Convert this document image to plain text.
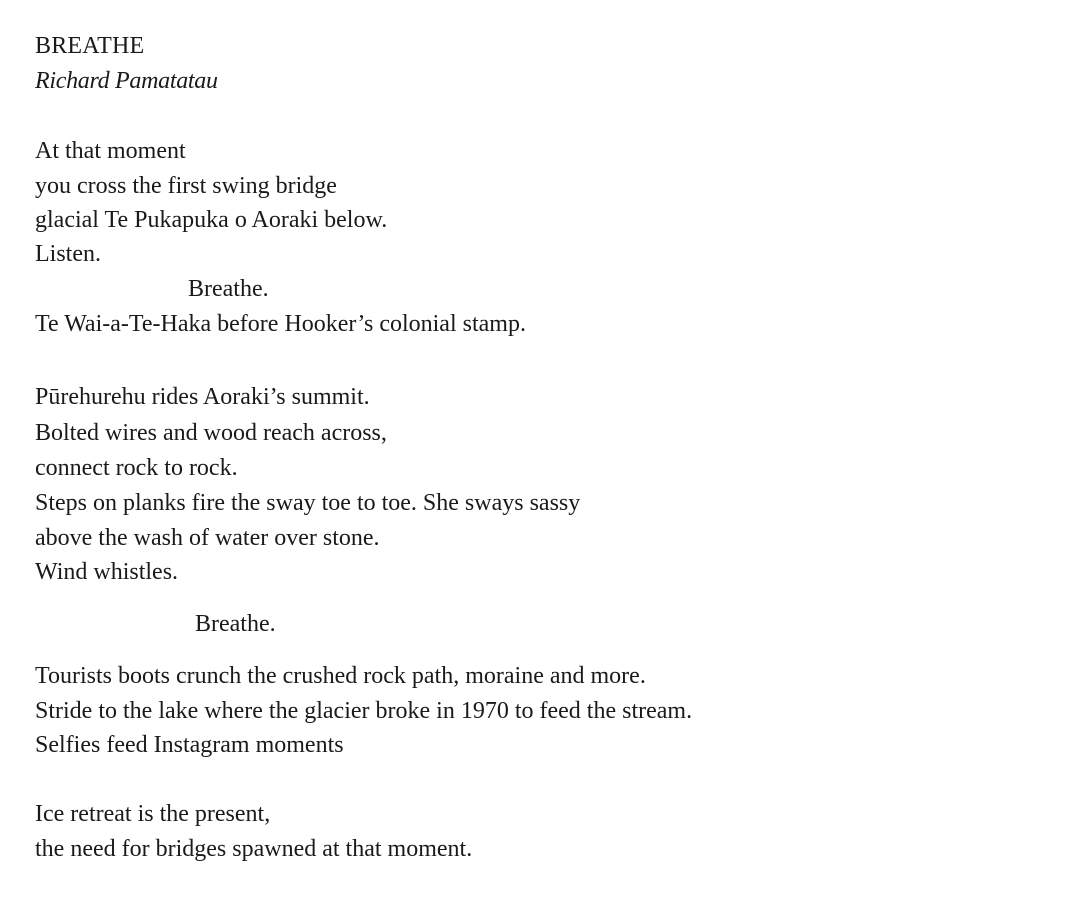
BREATHE
Richard Pamatatau
At that moment
you cross the first swing bridge
glacial Te Pukapuka o Aoraki below.
Listen.
Breathe.
Te Wai-a-Te-Haka before Hooker’s colonial stamp.
Pūrehurehu rides Aoraki’s summit.
Bolted wires and wood reach across,
connect rock to rock.
Steps on planks fire the sway toe to toe. She sways sassy
above the wash of water over stone.
Wind whistles.
Breathe.
Tourists boots crunch the crushed rock path, moraine and more.
Stride to the lake where the glacier broke in 1970 to feed the stream.
Selfies feed Instagram moments
Ice retreat is the present,
the need for bridges spawned at that moment.
